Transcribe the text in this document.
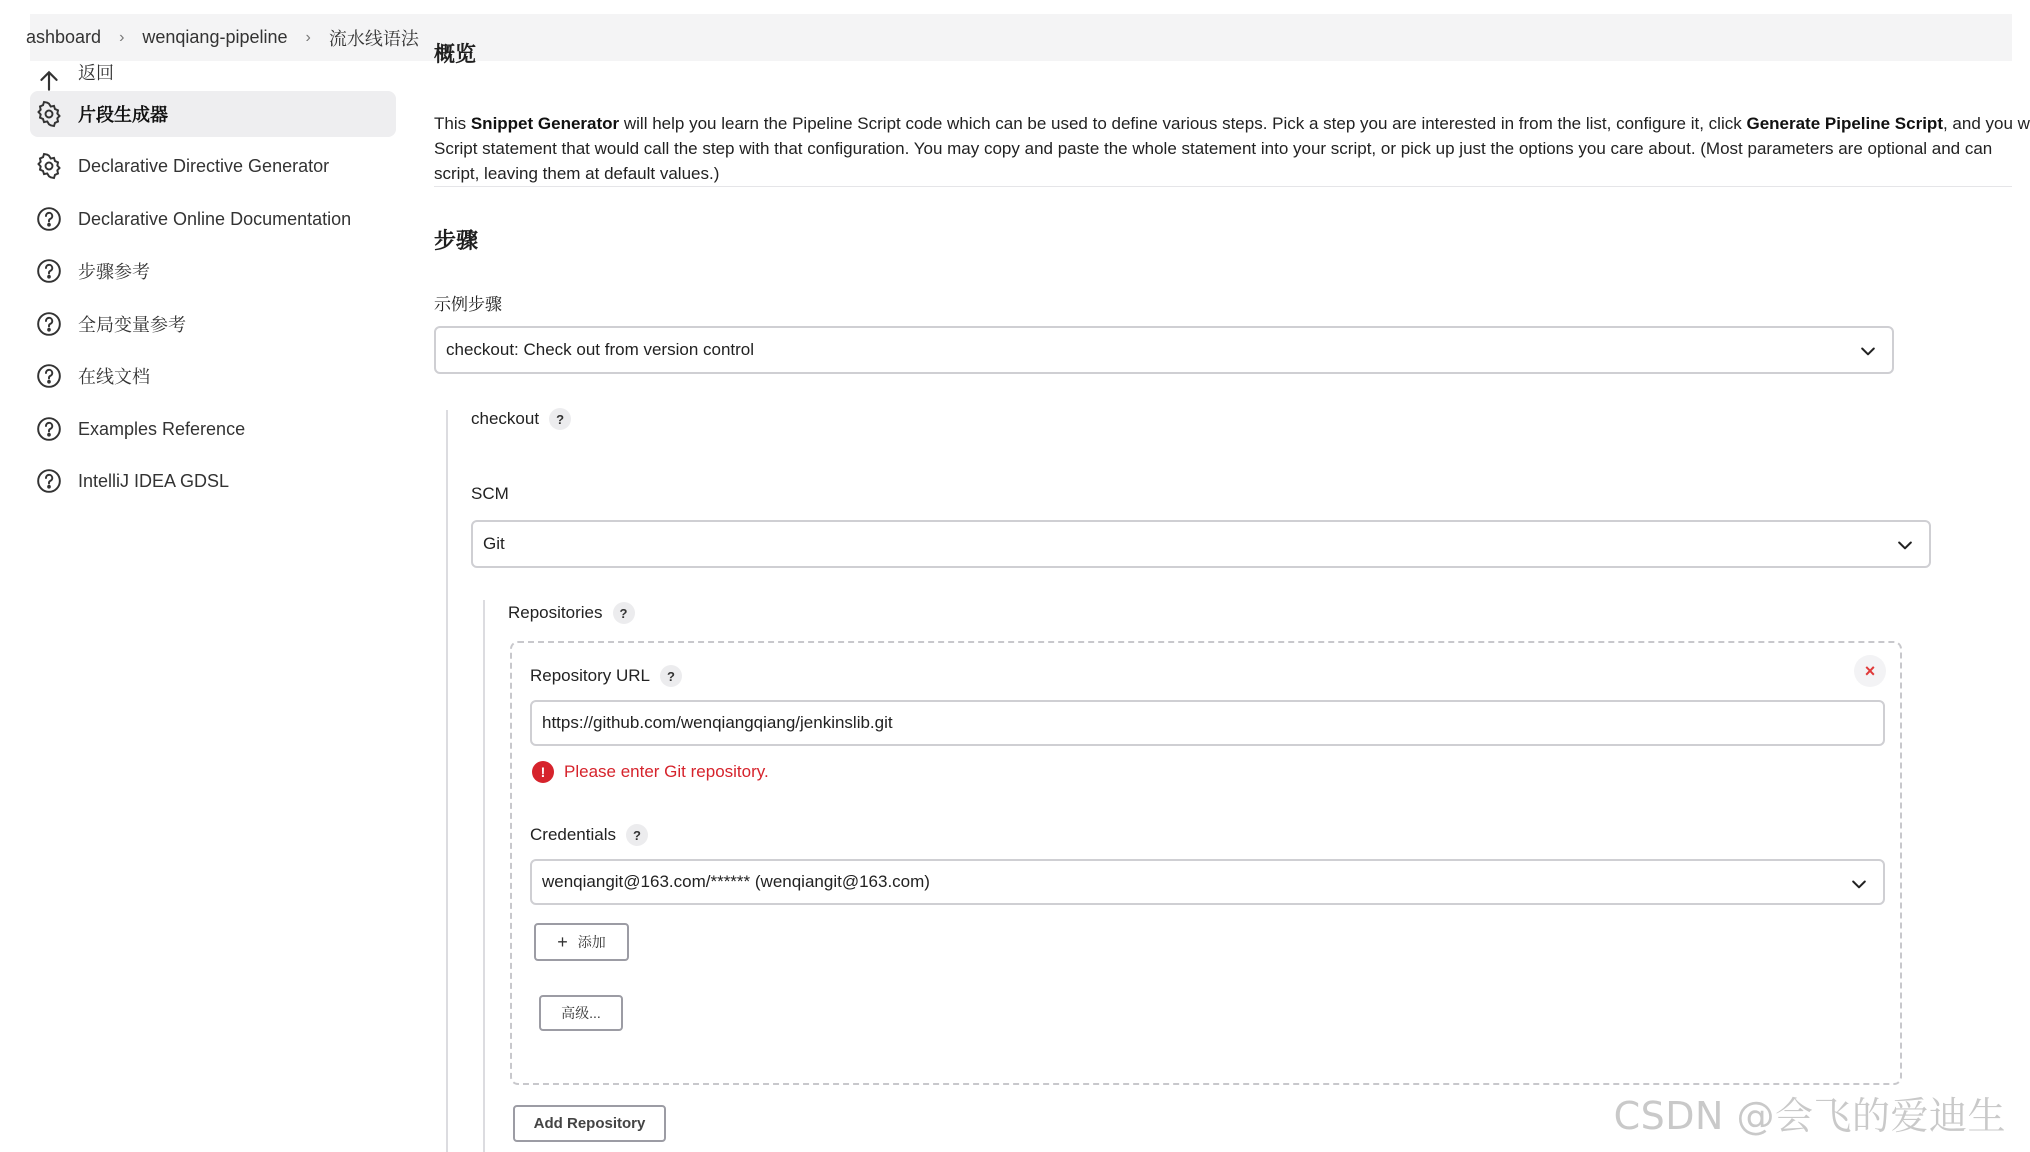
ashboard › wenqiang-pipeline › 流水线语法
返回
片段生成器
Declarative Directive Generator
Declarative Online Documentation
步骤参考
全局变量参考
在线文档
Examples Reference
IntelliJ IDEA GDSL
概览
This Snippet Generator will help you learn the Pipeline Script code which can be used to define various steps. Pick a step you are interested in from the list, configure it, click Generate Pipeline Script, and you w
Script statement that would call the step with that configuration. You may copy and paste the whole statement into your script, or pick up just the options you care about. (Most parameters are optional and can
script, leaving them at default values.)
步骤
示例步骤
checkout: Check out from version control
checkout	?
SCM
Git
Repositories	?
×
Repository URL	?
https://github.com/wenqiangqiang/jenkinslib.git
!	Please enter Git repository.
Credentials	?
wenqiangit@163.com/****** (wenqiangit@163.com)
+ 添加
高级...
Add Repository	CSDN @会飞的爱迪生
